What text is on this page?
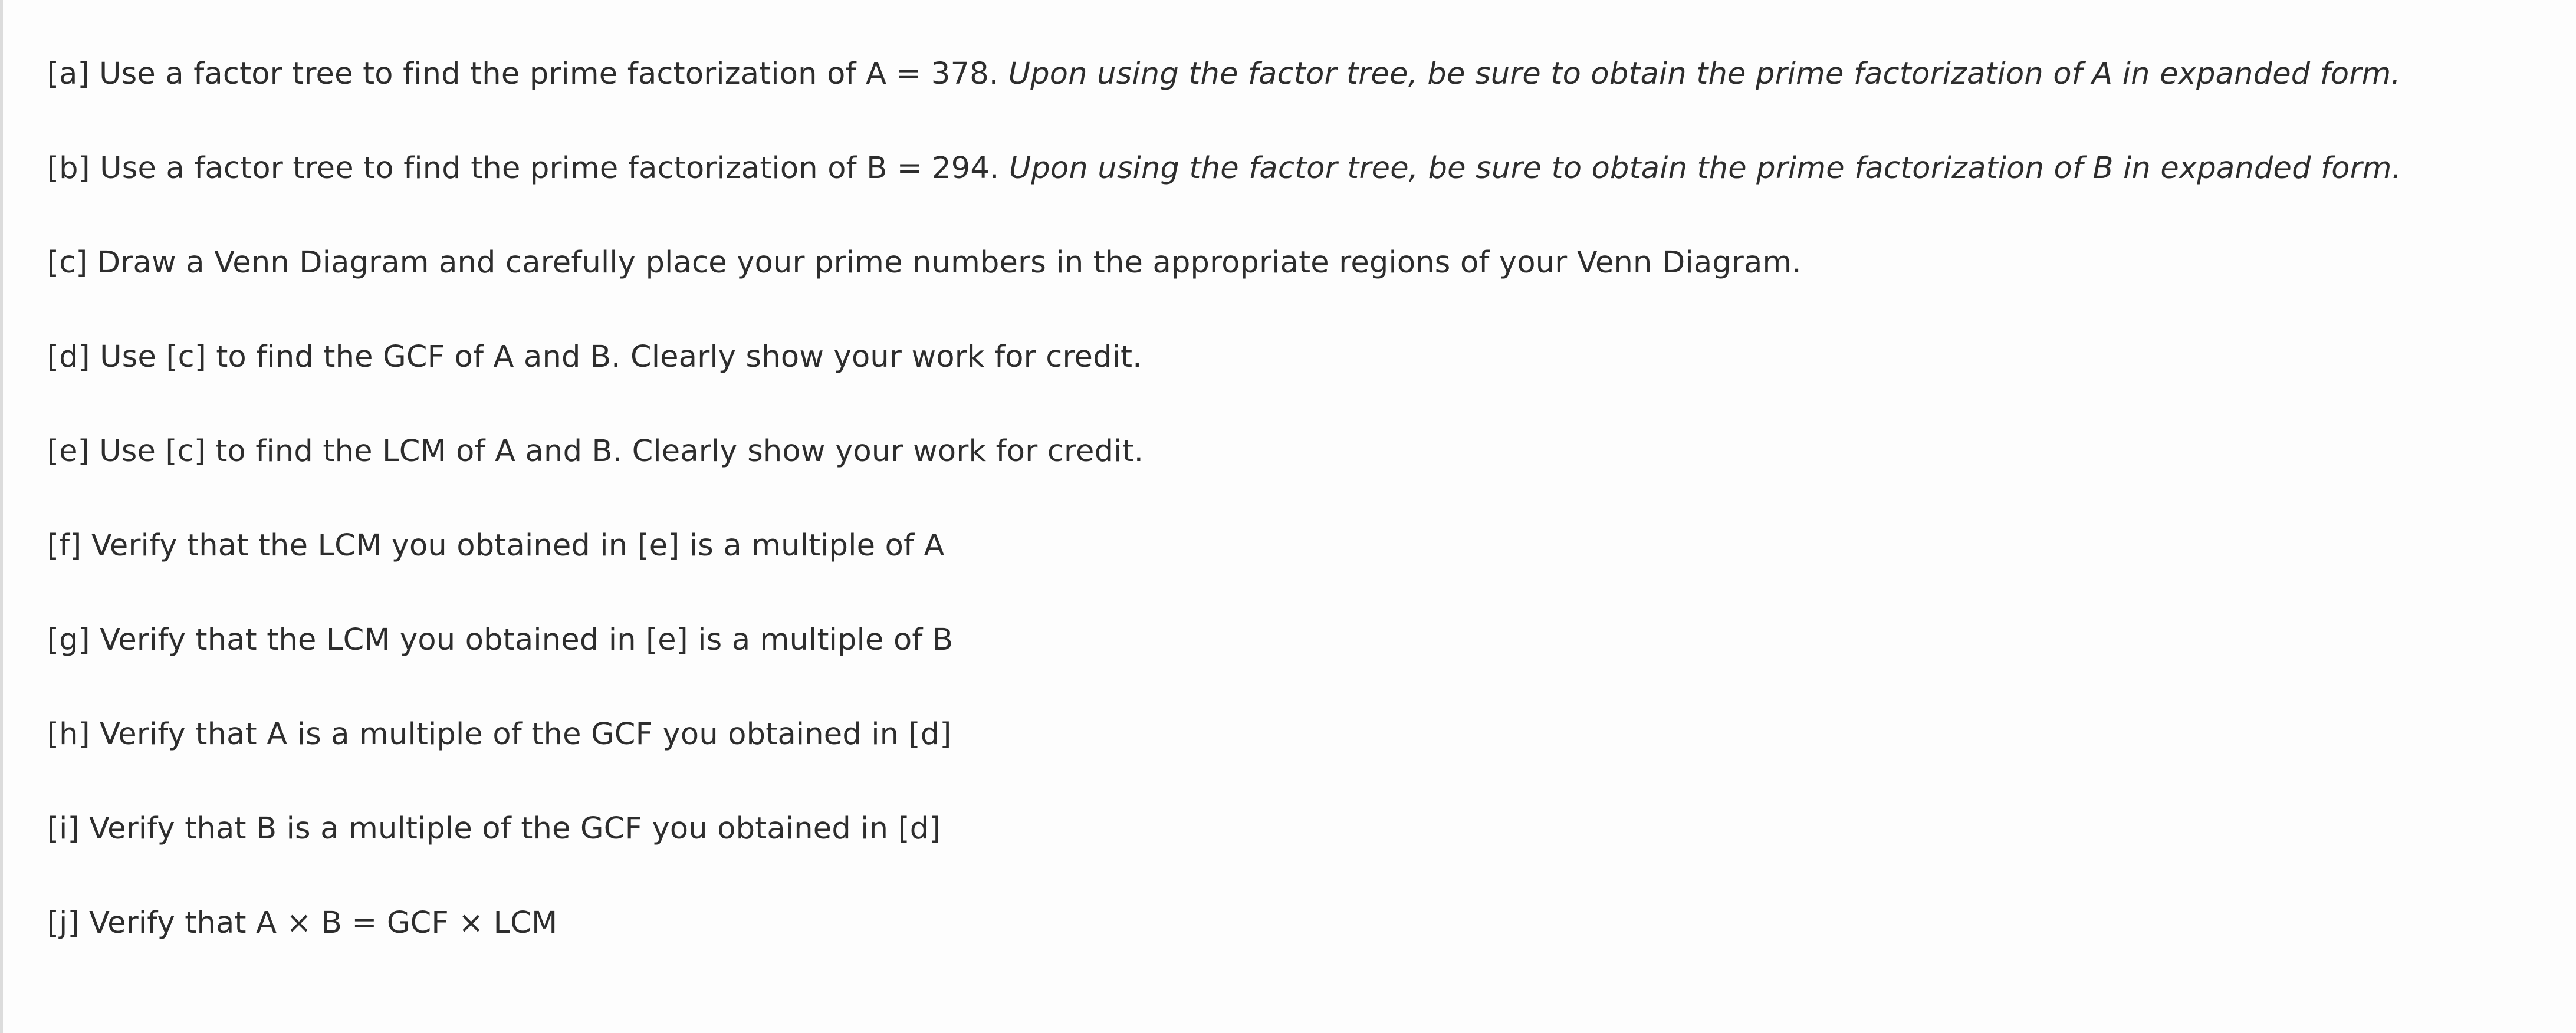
[a] Use a factor tree to find the prime factorization of A = 378. Upon using the factor tree, be sure to obtain the prime factorization of A in expanded form.
[b] Use a factor tree to find the prime factorization of B = 294. Upon using the factor tree, be sure to obtain the prime factorization of B in expanded form.
[c] Draw a Venn Diagram and carefully place your prime numbers in the appropriate regions of your Venn Diagram.
[d] Use [c] to find the GCF of A and B. Clearly show your work for credit.
[e] Use [c] to find the LCM of A and B. Clearly show your work for credit.
[f] Verify that the LCM you obtained in [e] is a multiple of A
[g] Verify that the LCM you obtained in [e] is a multiple of B
[h] Verify that A is a multiple of the GCF you obtained in [d]
[i] Verify that B is a multiple of the GCF you obtained in [d]
[j] Verify that A × B = GCF × LCM
